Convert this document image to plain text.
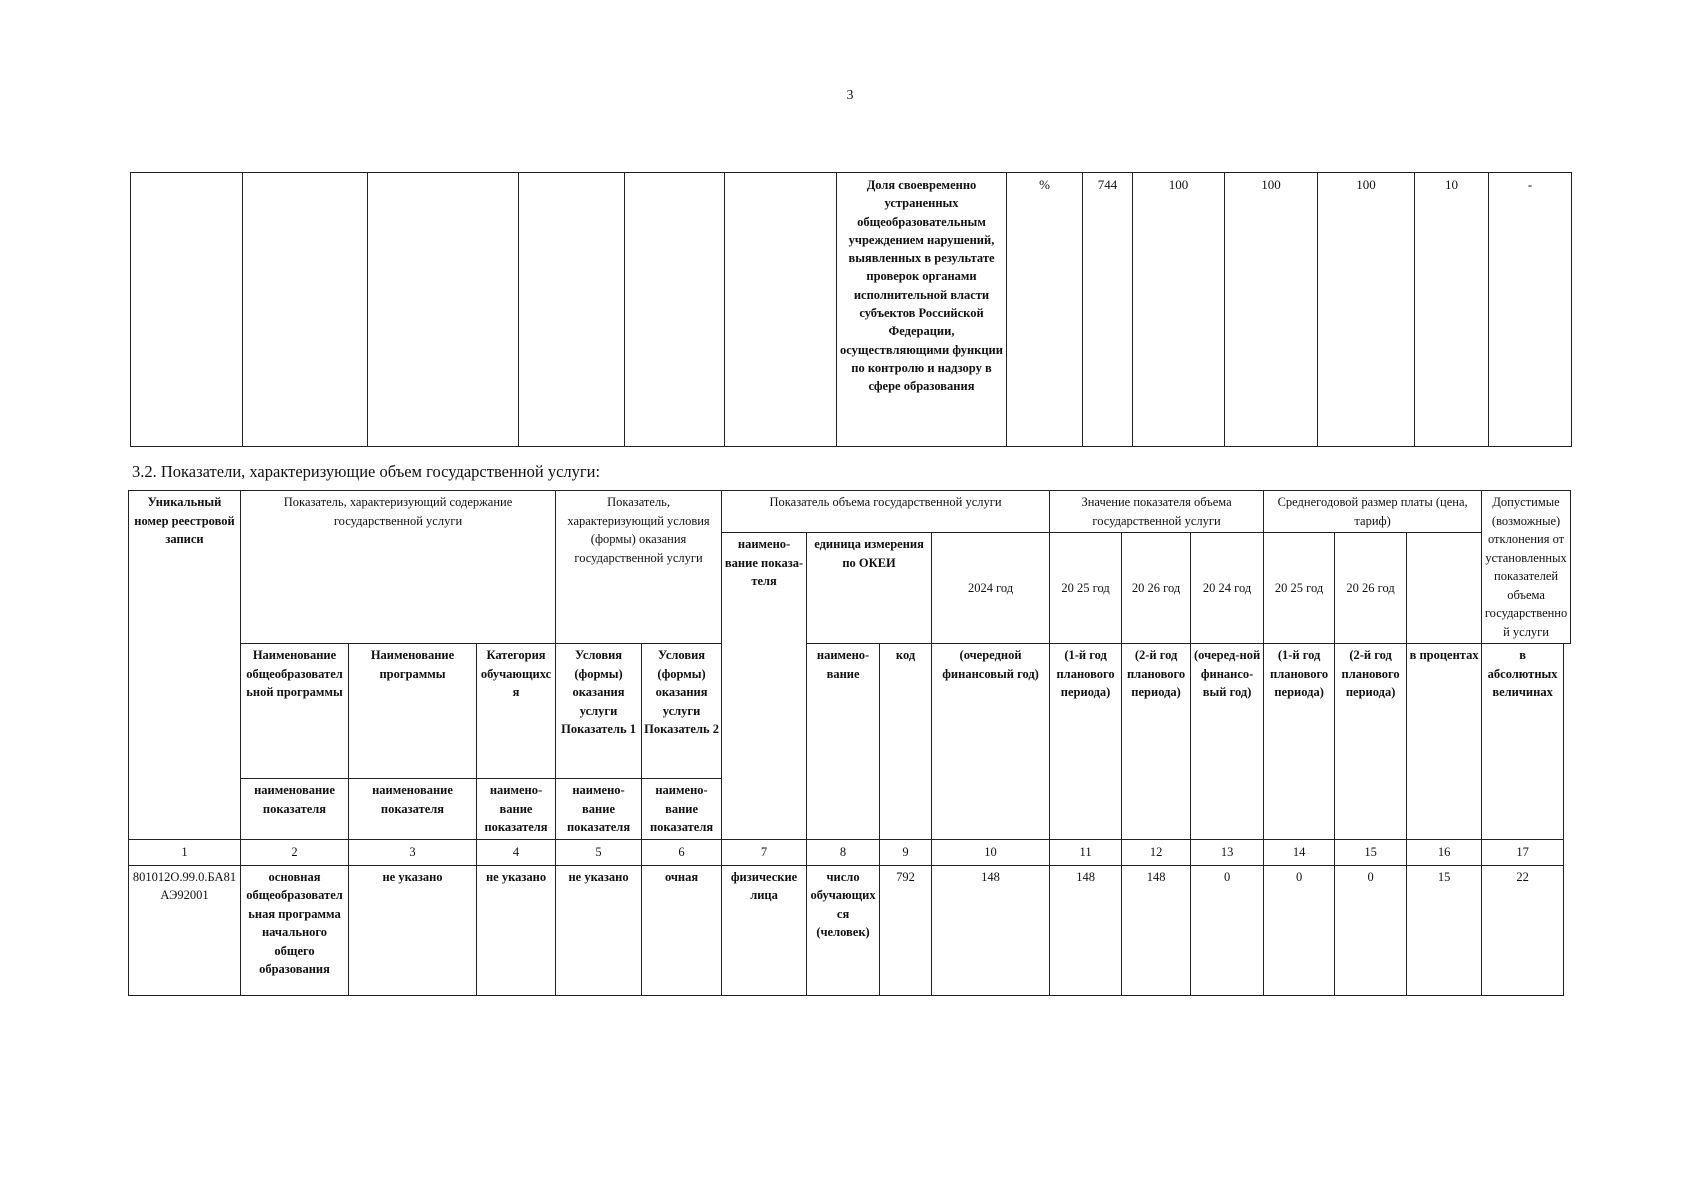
3
						Доля своевременно устраненных общеобразовательным учреждением нарушений, выявленных в результате проверок органами исполнительной власти субъектов Российской Федерации, осуществляющими функции по контролю и надзору в сфере образования	%	744	100	100	100	10	-
3.2. Показатели, характеризующие объем государственной услуги:
Уникальный номер реестровой записи	Показатель, характеризующий содержание государственной услуги			Показатель, характеризующий условия (формы) оказания государственной услуги		Показатель объема государственной услуги				Значение показателя объема государственной услуги			Среднегодовой размер платы (цена, тариф)			Допустимые (возможные) отклонения от установленных показателей объема государственной услуги
						наимено-вание показа-теля	единица измерения по ОКЕИ		2024 год	20 25 год	20 26 год	20 24 год	20 25 год	20 26 год		
	Наименование общеобразовательной программы	Наименование программы	Категория обучающихся	Условия (формы) оказания услуги Показатель 1	Условия (формы) оказания услуги Показатель 2		наимено-вание	код	(очередной финансовый год)	(1-й год планового периода)	(2-й год планового периода)	(очеред-ной финансо-вый год)	(1-й год планового периода)	(2-й год планового периода)	в процентах	в абсолютных величинах
	наименование показателя	наименование показателя	наимено-вание показателя	наимено-вание показателя	наимено-вание показателя											
1	2	3	4	5	6	7	8	9	10	11	12	13	14	15	16	17
801012О.99.0.БА81АЭ92001	основная общеобразовательная программа начального общего образования	не указано	не указано	не указано	очная	физические лица	число обучающихся (человек)	792	148	148	148	0	0	0	15	22
